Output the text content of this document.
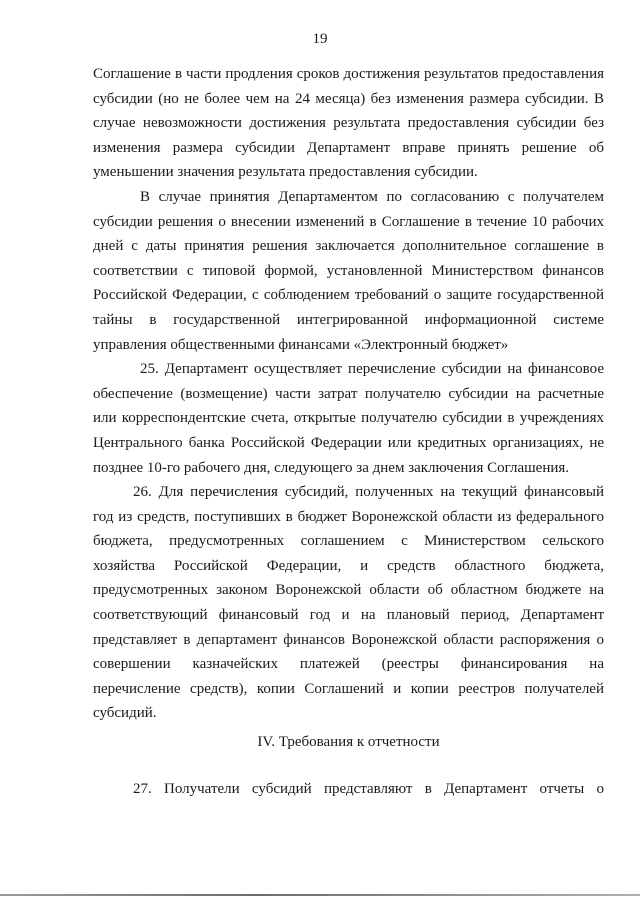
19

Соглашение в части продления сроков достижения результатов предоставления субсидии (но не более чем на 24 месяца) без изменения размера субсидии. В случае невозможности достижения результата предоставления субсидии без изменения размера субсидии Департамент вправе принять решение об уменьшении значения результата предоставления субсидии.

В случае принятия Департаментом по согласованию с получателем субсидии решения о внесении изменений в Соглашение в течение 10 рабочих дней с даты принятия решения заключается дополнительное соглашение в соответствии с типовой формой, установленной Министерством финансов Российской Федерации, с соблюдением требований о защите государственной тайны в государственной интегрированной информационной системе управления общественными финансами «Электронный бюджет»

25. Департамент осуществляет перечисление субсидии на финансовое обеспечение (возмещение) части затрат получателю субсидии на расчетные или корреспондентские счета, открытые получателю субсидии в учреждениях Центрального банка Российской Федерации или кредитных организациях, не позднее 10-го рабочего дня, следующего за днем заключения Соглашения.

26. Для перечисления субсидий, полученных на текущий финансовый год из средств, поступивших в бюджет Воронежской области из федерального бюджета, предусмотренных соглашением с Министерством сельского хозяйства Российской Федерации, и средств областного бюджета, предусмотренных законом Воронежской области об областном бюджете на соответствующий финансовый год и на плановый период, Департамент представляет в департамент финансов Воронежской области распоряжения о совершении казначейских платежей (реестры финансирования на перечисление средств), копии Соглашений и копии реестров получателей субсидий.

IV. Требования к отчетности

27. Получатели субсидий представляют в Департамент отчеты о
